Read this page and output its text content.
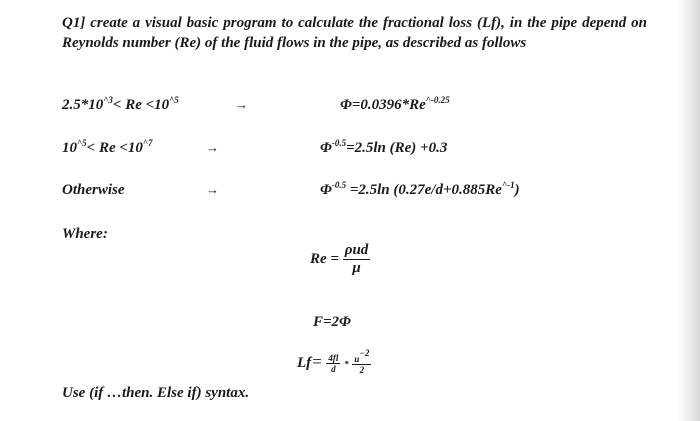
Q1] create a visual basic program to calculate the fractional loss (Lf), in the pipe depend on Reynolds number (Re) of the fluid flows in the pipe, as described as follows

$2.5*10^{\^{}3}< Re <10^{\^{}5}$	→	$\Phi=0.0396*Re^{\^{}-0.25}$
$10^{\^{}5}< Re <10^{\^{}7}$	→	$\Phi^{-0.5}=2.5\ln$ (Re) +0.3
Otherwise	→	$\Phi^{-0.5} =2.5\ln$ $(0.27e/d+0.885Re^{\^{}-1})$
Where:
$Re = \frac{\text{ρud}}{\mu}$
F=2Φ
$Lf= \frac{4fl}{d} * \frac{u^{-2}}{2}$
Use (if …then. Else if) syntax.
